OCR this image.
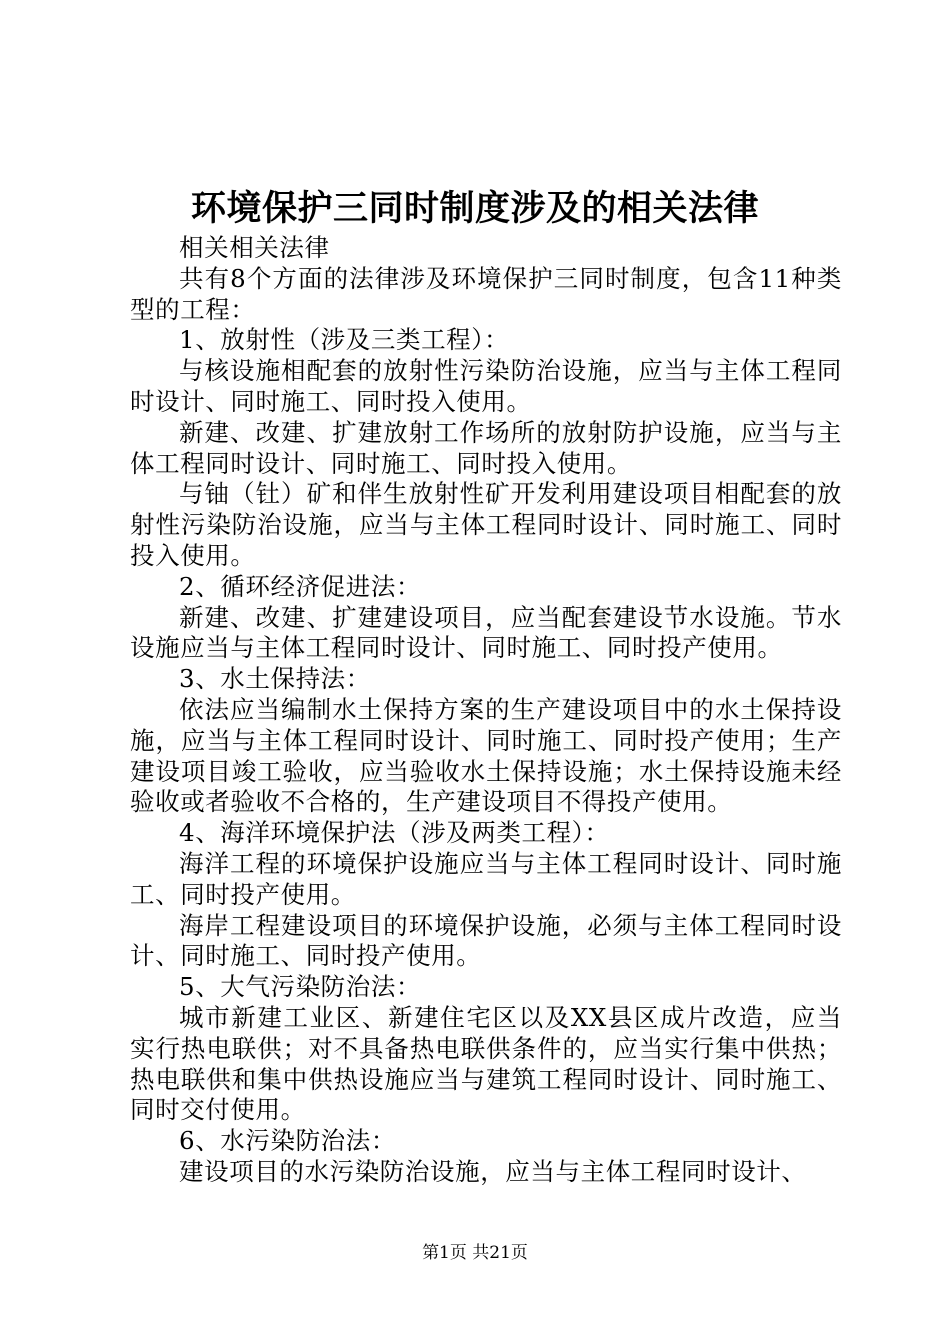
环境保护三同时制度涉及的相关法律

相关相关法律

共有8个方面的法律涉及环境保护三同时制度，包含11种类型的工程：

1、放射性（涉及三类工程）：

与核设施相配套的放射性污染防治设施，应当与主体工程同时设计、同时施工、同时投入使用。

新建、改建、扩建放射工作场所的放射防护设施，应当与主体工程同时设计、同时施工、同时投入使用。

与铀（钍）矿和伴生放射性矿开发利用建设项目相配套的放射性污染防治设施，应当与主体工程同时设计、同时施工、同时投入使用。

2、循环经济促进法：

新建、改建、扩建建设项目，应当配套建设节水设施。节水设施应当与主体工程同时设计、同时施工、同时投产使用。

3、水土保持法：

依法应当编制水土保持方案的生产建设项目中的水土保持设施，应当与主体工程同时设计、同时施工、同时投产使用；生产建设项目竣工验收，应当验收水土保持设施；水土保持设施未经验收或者验收不合格的，生产建设项目不得投产使用。

4、海洋环境保护法（涉及两类工程）：

海洋工程的环境保护设施应当与主体工程同时设计、同时施工、同时投产使用。

海岸工程建设项目的环境保护设施，必须与主体工程同时设计、同时施工、同时投产使用。

5、大气污染防治法：

城市新建工业区、新建住宅区以及XX县区成片改造，应当实行热电联供；对不具备热电联供条件的，应当实行集中供热；热电联供和集中供热设施应当与建筑工程同时设计、同时施工、同时交付使用。

6、水污染防治法：

建设项目的水污染防治设施，应当与主体工程同时设计、

第1页 共21页
